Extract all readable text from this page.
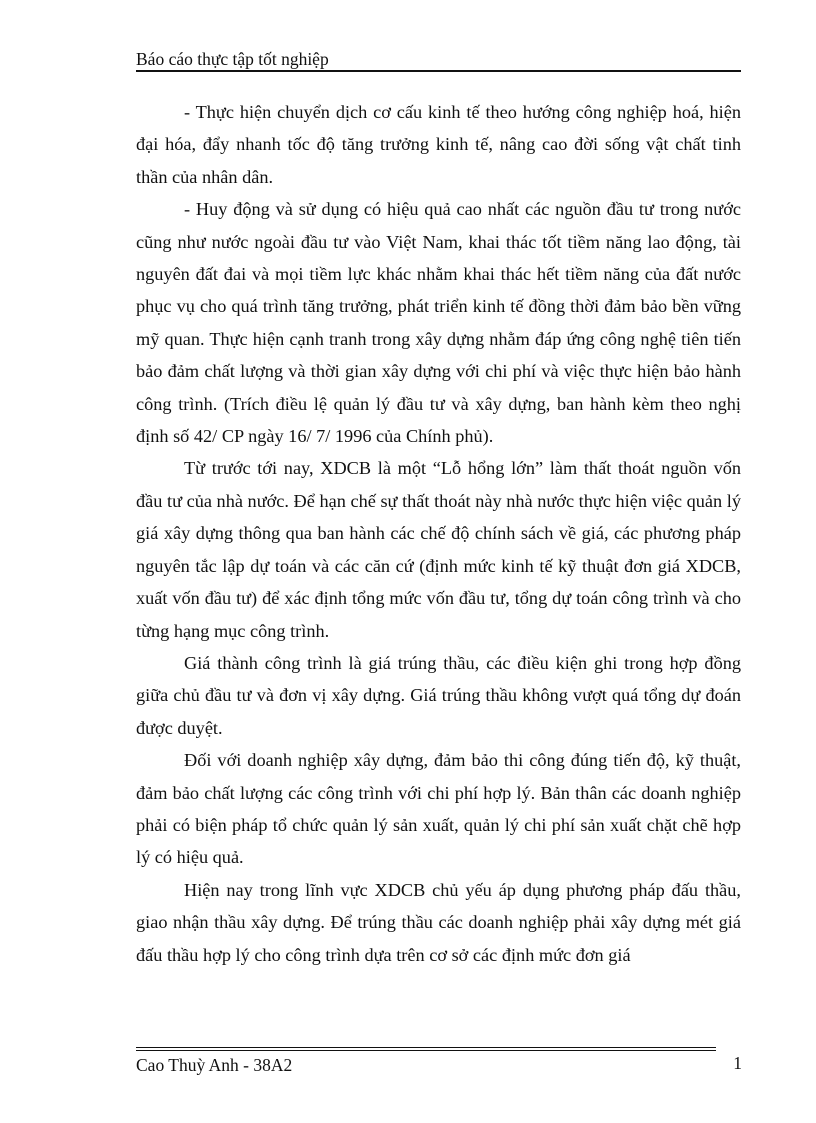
Báo cáo thực tập tốt nghiệp

- Thực hiện chuyển dịch cơ cấu kinh tế theo hướng công nghiệp hoá, hiện đại hóa, đẩy nhanh tốc độ tăng trưởng kinh tế, nâng cao đời sống vật chất tinh thần của nhân dân.

- Huy động và sử dụng có hiệu quả cao nhất các nguồn đầu tư trong nước cũng như nước ngoài đầu tư vào Việt Nam, khai thác tốt tiềm năng lao động, tài nguyên đất đai và mọi tiềm lực khác nhằm khai thác hết tiềm năng của đất nước phục vụ cho quá trình tăng trưởng, phát triển kinh tế đồng thời đảm bảo bền vững mỹ quan. Thực hiện cạnh tranh trong xây dựng nhằm đáp ứng công nghệ tiên tiến bảo đảm chất lượng và thời gian xây dựng với chi phí và việc thực hiện bảo hành công trình. (Trích điều lệ quản lý đầu tư và xây dựng, ban hành kèm theo nghị định số 42/ CP ngày 16/ 7/ 1996 của Chính phủ).

Từ trước tới nay, XDCB là một “Lỗ hổng lớn” làm thất thoát nguồn vốn đầu tư của nhà nước. Để hạn chế sự thất thoát này nhà nước thực hiện việc quản lý giá xây dựng thông qua ban hành các chế độ chính sách về giá, các phương pháp nguyên tắc lập dự toán và các căn cứ (định mức kinh tế kỹ thuật đơn giá XDCB, xuất vốn đầu tư) để xác định tổng mức vốn đầu tư, tổng dự toán công trình và cho từng hạng mục công trình.

Giá thành công trình là giá trúng thầu, các điều kiện ghi trong hợp đồng giữa chủ đầu tư và đơn vị xây dựng. Giá trúng thầu không vượt quá tổng dự đoán được duyệt.

Đối với doanh nghiệp xây dựng, đảm bảo thi công đúng tiến độ, kỹ thuật, đảm bảo chất lượng các công trình với chi phí hợp lý. Bản thân các doanh nghiệp phải có biện pháp tổ chức quản lý sản xuất, quản lý chi phí sản xuất chặt chẽ hợp lý có hiệu quả.

Hiện nay trong lĩnh vực XDCB chủ yếu áp dụng phương pháp đấu thầu, giao nhận thầu xây dựng. Để trúng thầu các doanh nghiệp phải xây dựng mét giá đấu thầu hợp lý cho công trình dựa trên cơ sở các định mức đơn giá

Cao Thuỳ Anh - 38A2	1
